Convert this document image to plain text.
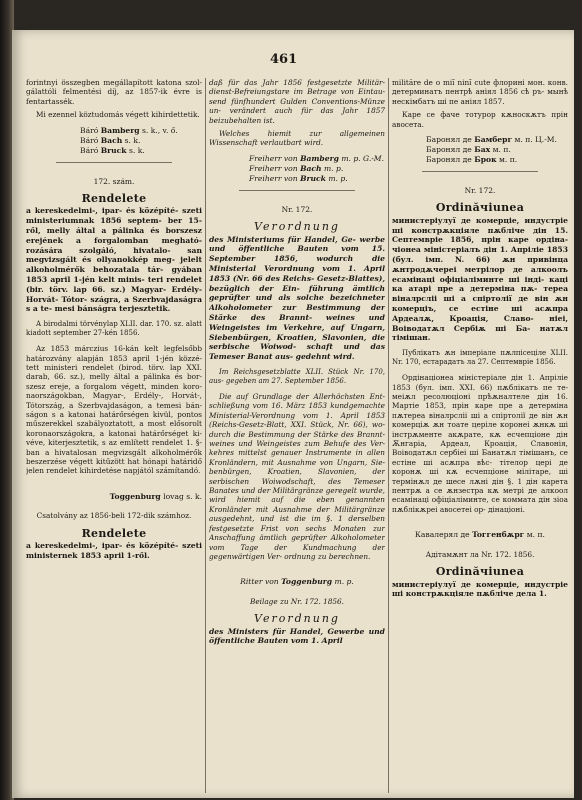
461

forintnyi összegben megállapított katona szol- gálattóli felmentési díj, az 1857-ik évre is fentartassék.

Mi ezennel köztudomás végett kihirdettetik.

Báró Bamberg s. k., v. ő.
Báró Bach s. k.
Báró Bruck s. k.
172. szám.
Rendelete

a kereskedelmi-, ipar- és középíté- szeti ministeriumnak 1856 septem- ber 15-ről, melly által a pálinka és borszesz erejének a forgalomban megható- rozására szolgáló, hivatalo- san megvizsgált és ollyanokkép meg- jelelt alkoholmérők behozatala tár- gyában 1853 april 1-jén kelt minis- teri rendelet (bir. törv. lap 66. sz.) Magyar- Erdély- Horvát- Tótor- szágra, a Szerbvajdaságra s a te- mesi bánságra terjesztetik.

A birodalmi törvénylap XLII. dar. 170. sz. alatt kiadott september 27-kén 1856.

Az 1853 márczius 16-kán kelt legfelsőbb határozvány alapján 1853 april 1-jén közzé- tett ministeri rendelet (birod. törv. lap XXI. darab, 66. sz.), melly által a pálinka és bor- szesz ereje, a forgalom végett, minden koro- naországokban, Magyar-, Erdély-, Horvát-, Tótország, a Szerbvajdaságon, a temesi bán- ságon s a katonai határőrségen kivül, pontos műszerekkel szabályoztatott, a most elősorolt koronaországokra, a katonai határőrséget ki- véve, kiterjesztetik, s az említett rendelet 1. §-ban a hivatalosan megvizsgált alkoholmérők beszerzése végett kitűzött hat hónapi határidő jelen rendelet kihirdetése napjától számítandó.

Toggenburg lovag s. k.
Csatolvány az 1856-beli 172-dik számhoz.
Rendelete

a kereskedelmi-, ipar- és középíté- szeti ministernek 1853 april 1-ről.

daß für das Jahr 1856 festgesetzte Militär- dienst-Befreiungstare im Betrage von Eintau- send fünfhundert Gulden Conventions-Münze un- verändert auch für das Jahr 1857 beizubehalten ist.

Welches hiemit zur allgemeinen Wissenschaft verlautbart wird.

Freiherr von Bamberg m. p. G.-M.
Freiherr von Bach m. p.
Freiherr von Bruck m. p.
Nr. 172.
Verordnung

des Ministeriums für Handel, Ge- werbe und öffentliche Bauten vom 15. September 1856, wodurch die Ministerial Verordnung vom 1. April 1853 (Nr. 66 des Reichs- Gesetz-Blattes), bezüglich der Ein- führung ämtlich geprüfter und als solche bezeichneter Alkoholometer zur Bestimmung der Stärke des Brannt- weines und Weingeistes im Verkehre, auf Ungarn, Siebenbürgen, Kroatien, Slavonien, die serbische Woiwod- schaft und das Temeser Banat aus- gedehnt wird.

Im Reichsgesetzblatte XLII. Stück Nr. 170, aus- gegeben am 27. September 1856.

Die auf Grundlage der Allerhöchsten Ent- schließung vom 16. März 1853 kundgemachte Ministerial-Verordnung vom 1. April 1853 (Reichs-Gesetz-Blatt, XXI. Stück, Nr. 66), wo- durch die Bestimmung der Stärke des Brannt- weines und Weingeistes zum Behufe des Ver- kehres mittelst genauer Instrumente in allen Kronländern, mit Ausnahme von Ungarn, Sie- benbürgen, Kroatien, Slavonien, der serbischen Woiwodschaft, des Temeser Banates und der Militärgränze geregelt wurde, wird hiemit auf die eben genannten Kronländer mit Ausnahme der Militärgränze ausgedehnt, und ist die im §. 1 derselben festgesetzte Frist von sechs Monaten zur Anschaffung ämtlich geprüfter Alkoholometer vom Tage der Kundmachung der gegenwärtigen Ver- ordnung zu berechnen.

Ritter von Toggenburg m. p.
Beilage zu Nr. 172. 1856.
Verordnung

des Ministers für Handel, Gewerbe und öffentliche Bauten vom 1. April

milităre de o miĭ ninĭ cute флорині мон. конв. детерминатъ пентрѣ аніял 1856 сѣ ръ- мынѣ нескімбатъ ші пе аніял 1857.

Каре се фаче тотурор кѫноскѫтъ прін авосета.

Баронял де Бамберг м. п. Ц.-М.
Баронял де Бах м. п.
Баронял де Брок м. п.
Nr. 172.
Ordinăчiunea

министерiулуї де комерцiе, индустріе ші констрѫкціяле пѫбліче дін 15. Септемвріе 1856, прін каре ордіна- чіонеа міністеріалъ дін 1. Апріліе 1853 (бул. імп. N. 66) ѫн привінца ѫнтродѫчереі метрілор де алкоолъ есамінаці офіціаліминте ші інді- каці ка атарі пре а детерміна пѫ- тереа віналрсліі ші а спіртолії де він ѫн комерцiъ, се естіне ші асѫпра Ардеалѫ, Кроація, Славо- ніеі, Воіводатѫл Сербіѫ ші Ба- натѫл тімішан.

Публікатъ ѫн імперiале пѫлпісеціле XLII. Nr. 170, естарадатъ ла 27. Септемвріе 1856.

Ордінацiонеа міністеріале дін 1. Апріліе 1853 (бул. імп. XXI. 66) пѫблікатъ пе те- меіѫл ресолюціоні прѣѫналтеле дін 16. Мартіе 1853, прін каре пре а детерміна пѫтереа віналрсліі ші а спіртолії де він ѫн комерціѫ ѫн тоате церіле коронеі ѫнкѫ ші інстрѫменте акѫрате, кѫ есчепціоне дін Ѫнгаріа, Ардеал, Кроація, Славонія, Воіводатѫл сербіеі ші Банатѫл тімішанъ, се естіне ші асѫпра вѣс- тітелор цері де коронѫ ші кѫ есчепціоне мілітаре, ші термінѫл де шесе лѫні дін §. 1 дін карета пентрѫ а се ѫнзестра кѫ метрі де алкоол есамінаці офіціаліминте, се коммата дін зіоа пѫблікѫреі авосетеі ор- дінацiоні.

Кавалерял де Toггенбѫрг м. п.
Адітамѫнт ла Nr. 172. 1856.
Ordinăчiunea

министерiулуї де комерцiе, индустріе ші констрѫкціяле пѫбліче дела 1.
